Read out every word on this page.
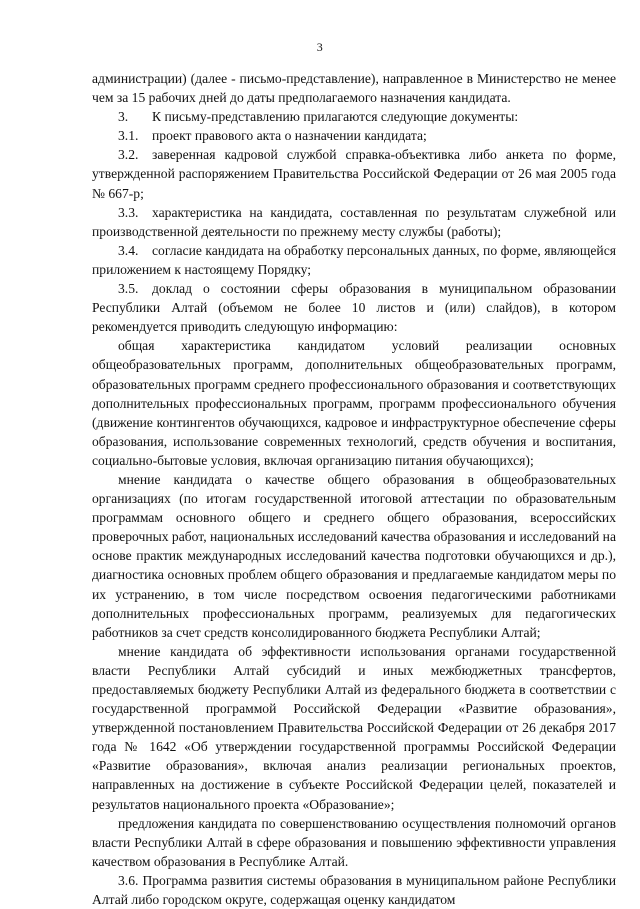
3

администрации) (далее - письмо-представление), направленное в Министерство не менее чем за 15 рабочих дней до даты предполагаемого назначения кандидата.

3. К письму-представлению прилагаются следующие документы:

3.1. проект правового акта о назначении кандидата;

3.2. заверенная кадровой службой справка-объективка либо анкета по форме, утвержденной распоряжением Правительства Российской Федерации от 26 мая 2005 года № 667-р;

3.3. характеристика на кандидата, составленная по результатам служебной или производственной деятельности по прежнему месту службы (работы);

3.4. согласие кандидата на обработку персональных данных, по форме, являющейся приложением к настоящему Порядку;

3.5. доклад о состоянии сферы образования в муниципальном образовании Республики Алтай (объемом не более 10 листов и (или) слайдов), в котором рекомендуется приводить следующую информацию:

общая характеристика кандидатом условий реализации основных общеобразовательных программ, дополнительных общеобразовательных программ, образовательных программ среднего профессионального образования и соответствующих дополнительных профессиональных программ, программ профессионального обучения (движение контингентов обучающихся, кадровое и инфраструктурное обеспечение сферы образования, использование современных технологий, средств обучения и воспитания, социально-бытовые условия, включая организацию питания обучающихся);

мнение кандидата о качестве общего образования в общеобразовательных организациях (по итогам государственной итоговой аттестации по образовательным программам основного общего и среднего общего образования, всероссийских проверочных работ, национальных исследований качества образования и исследований на основе практик международных исследований качества подготовки обучающихся и др.), диагностика основных проблем общего образования и предлагаемые кандидатом меры по их устранению, в том числе посредством освоения педагогическими работниками дополнительных профессиональных программ, реализуемых для педагогических работников за счет средств консолидированного бюджета Республики Алтай;

мнение кандидата об эффективности использования органами государственной власти Республики Алтай субсидий и иных межбюджетных трансфертов, предоставляемых бюджету Республики Алтай из федерального бюджета в соответствии с государственной программой Российской Федерации «Развитие образования», утвержденной постановлением Правительства Российской Федерации от 26 декабря 2017 года № 1642 «Об утверждении государственной программы Российской Федерации «Развитие образования», включая анализ реализации региональных проектов, направленных на достижение в субъекте Российской Федерации целей, показателей и результатов национального проекта «Образование»;

предложения кандидата по совершенствованию осуществления полномочий органов власти Республики Алтай в сфере образования и повышению эффективности управления качеством образования в Республике Алтай.

3.6. Программа развития системы образования в муниципальном районе Республики Алтай либо городском округе, содержащая оценку кандидатом
